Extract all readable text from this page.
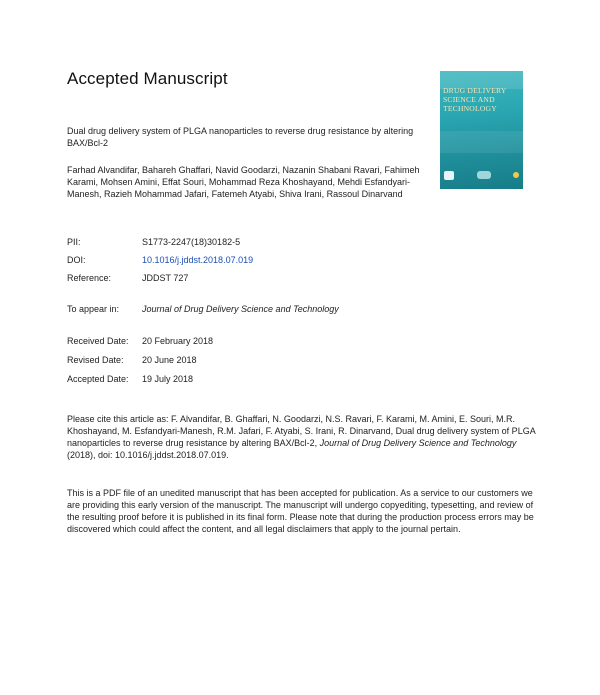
Accepted Manuscript
DRUG DELIVERY SCIENCE AND TECHNOLOGY
Dual drug delivery system of PLGA nanoparticles to reverse drug resistance by altering BAX/Bcl-2
Farhad Alvandifar, Bahareh Ghaffari, Navid Goodarzi, Nazanin Shabani Ravari, Fahimeh Karami, Mohsen Amini, Effat Souri, Mohammad Reza Khoshayand, Mehdi Esfandyari-Manesh, Razieh Mohammad Jafari, Fatemeh Atyabi, Shiva Irani, Rassoul Dinarvand
PII:	S1773-2247(18)30182-5
DOI:	10.1016/j.jddst.2018.07.019
Reference:	JDDST 727
To appear in:	Journal of Drug Delivery Science and Technology
Received Date: 20 February 2018
Revised Date: 20 June 2018
Accepted Date: 19 July 2018
Please cite this article as: F. Alvandifar, B. Ghaffari, N. Goodarzi, N.S. Ravari, F. Karami, M. Amini, E. Souri, M.R. Khoshayand, M. Esfandyari-Manesh, R.M. Jafari, F. Atyabi, S. Irani, R. Dinarvand, Dual drug delivery system of PLGA nanoparticles to reverse drug resistance by altering BAX/Bcl-2, Journal of Drug Delivery Science and Technology (2018), doi: 10.1016/j.jddst.2018.07.019.
This is a PDF file of an unedited manuscript that has been accepted for publication. As a service to our customers we are providing this early version of the manuscript. The manuscript will undergo copyediting, typesetting, and review of the resulting proof before it is published in its final form. Please note that during the production process errors may be discovered which could affect the content, and all legal disclaimers that apply to the journal pertain.
